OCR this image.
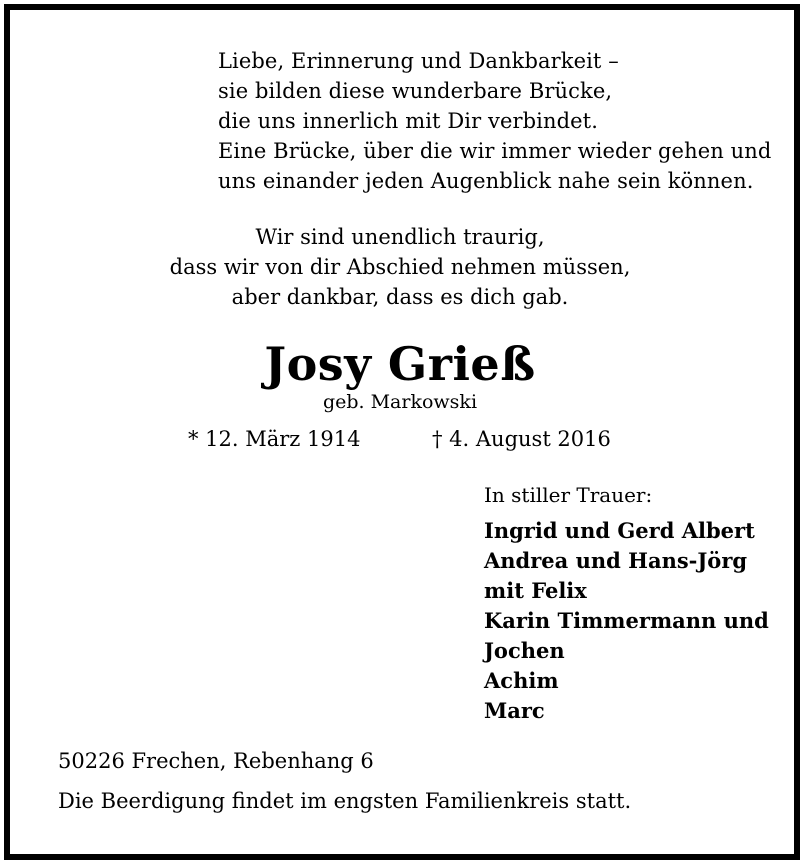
Liebe, Erinnerung und Dankbarkeit –
sie bilden diese wunderbare Brücke,
die uns innerlich mit Dir verbindet.
Eine Brücke, über die wir immer wieder gehen und
uns einander jeden Augenblick nahe sein können.
Wir sind unendlich traurig,
dass wir von dir Abschied nehmen müssen,
aber dankbar, dass es dich gab.
Josy Grieß
geb. Markowski
* 12. März 1914	† 4. August 2016
In stiller Trauer:
Ingrid und Gerd Albert
Andrea und Hans-Jörg
mit Felix
Karin Timmermann und
Jochen
Achim
Marc
50226 Frechen, Rebenhang 6
Die Beerdigung findet im engsten Familienkreis statt.
